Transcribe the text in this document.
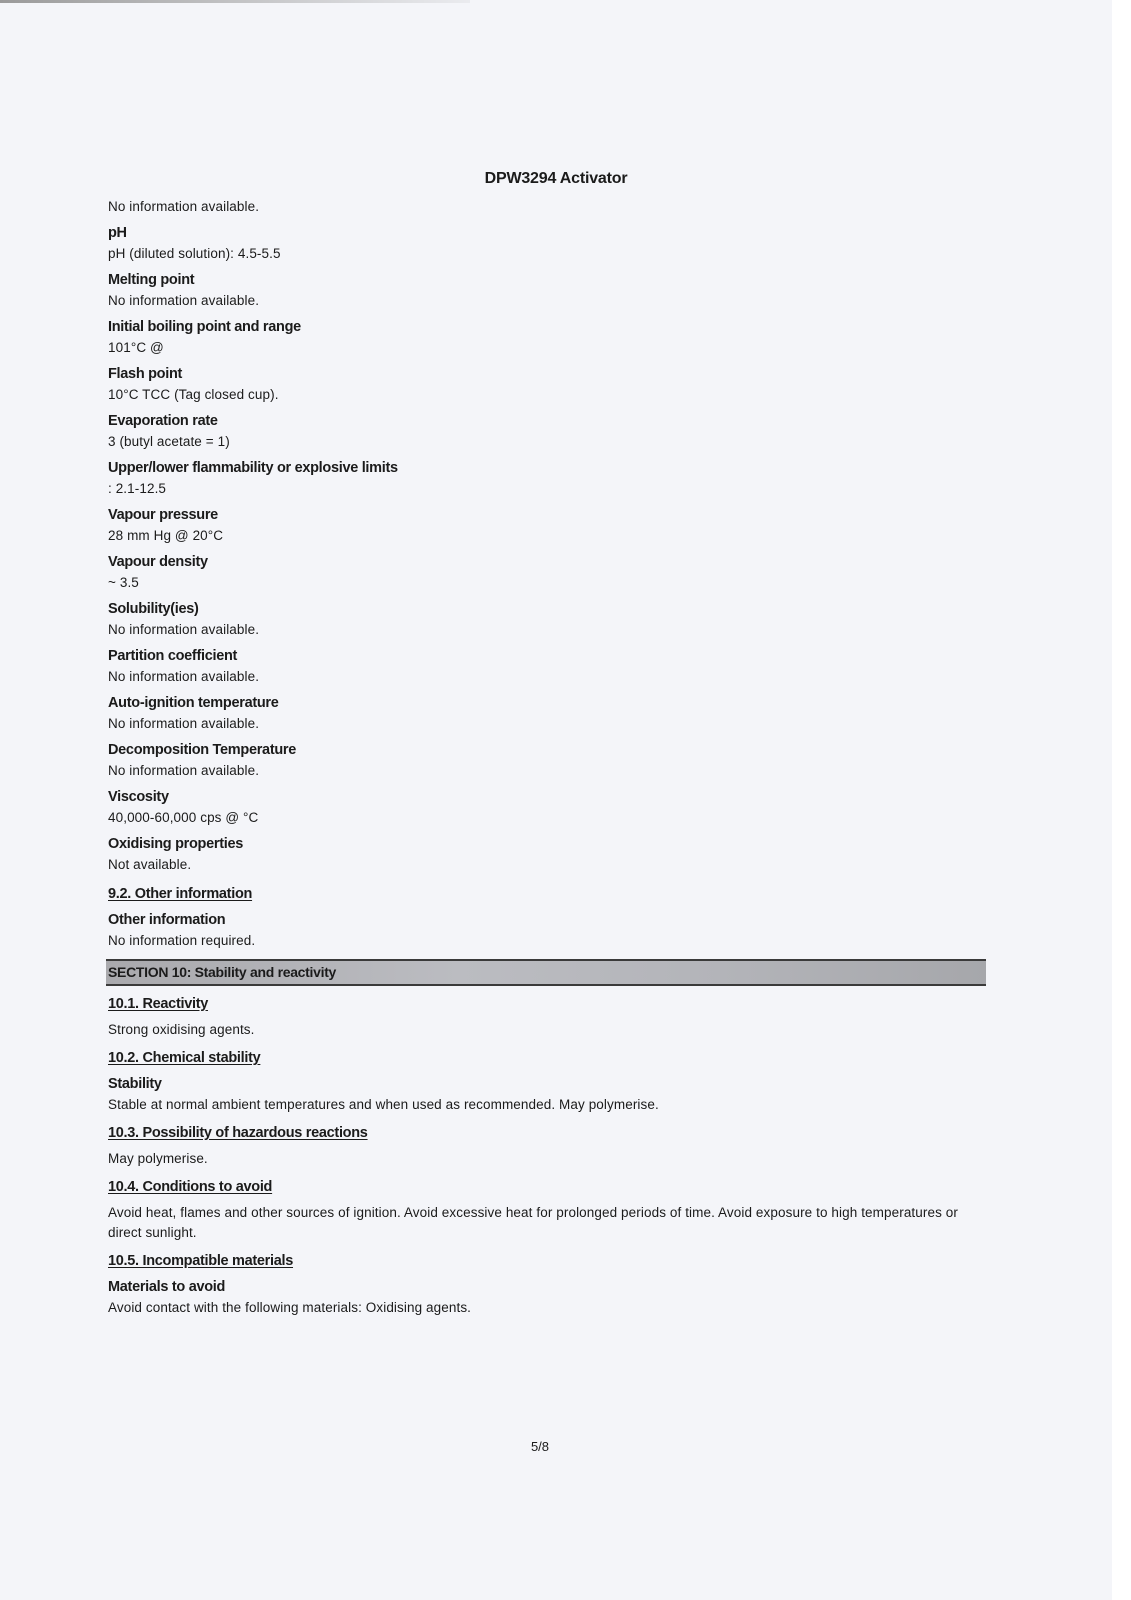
DPW3294 Activator
No information available.
pH
pH (diluted solution): 4.5-5.5
Melting point
No information available.
Initial boiling point and range
101°C @
Flash point
10°C TCC (Tag closed cup).
Evaporation rate
3 (butyl acetate = 1)
Upper/lower flammability or explosive limits
: 2.1-12.5
Vapour pressure
28 mm Hg @ 20°C
Vapour density
~ 3.5
Solubility(ies)
No information available.
Partition coefficient
No information available.
Auto-ignition temperature
No information available.
Decomposition Temperature
No information available.
Viscosity
40,000-60,000 cps @ °C
Oxidising properties
Not available.
9.2. Other information
Other information
No information required.
SECTION 10: Stability and reactivity
10.1. Reactivity
Strong oxidising agents.
10.2. Chemical stability
Stability
Stable at normal ambient temperatures and when used as recommended. May polymerise.
10.3. Possibility of hazardous reactions
May polymerise.
10.4. Conditions to avoid
Avoid heat, flames and other sources of ignition. Avoid excessive heat for prolonged periods of time. Avoid exposure to high temperatures or direct sunlight.
10.5. Incompatible materials
Materials to avoid
Avoid contact with the following materials: Oxidising agents.
5/8
